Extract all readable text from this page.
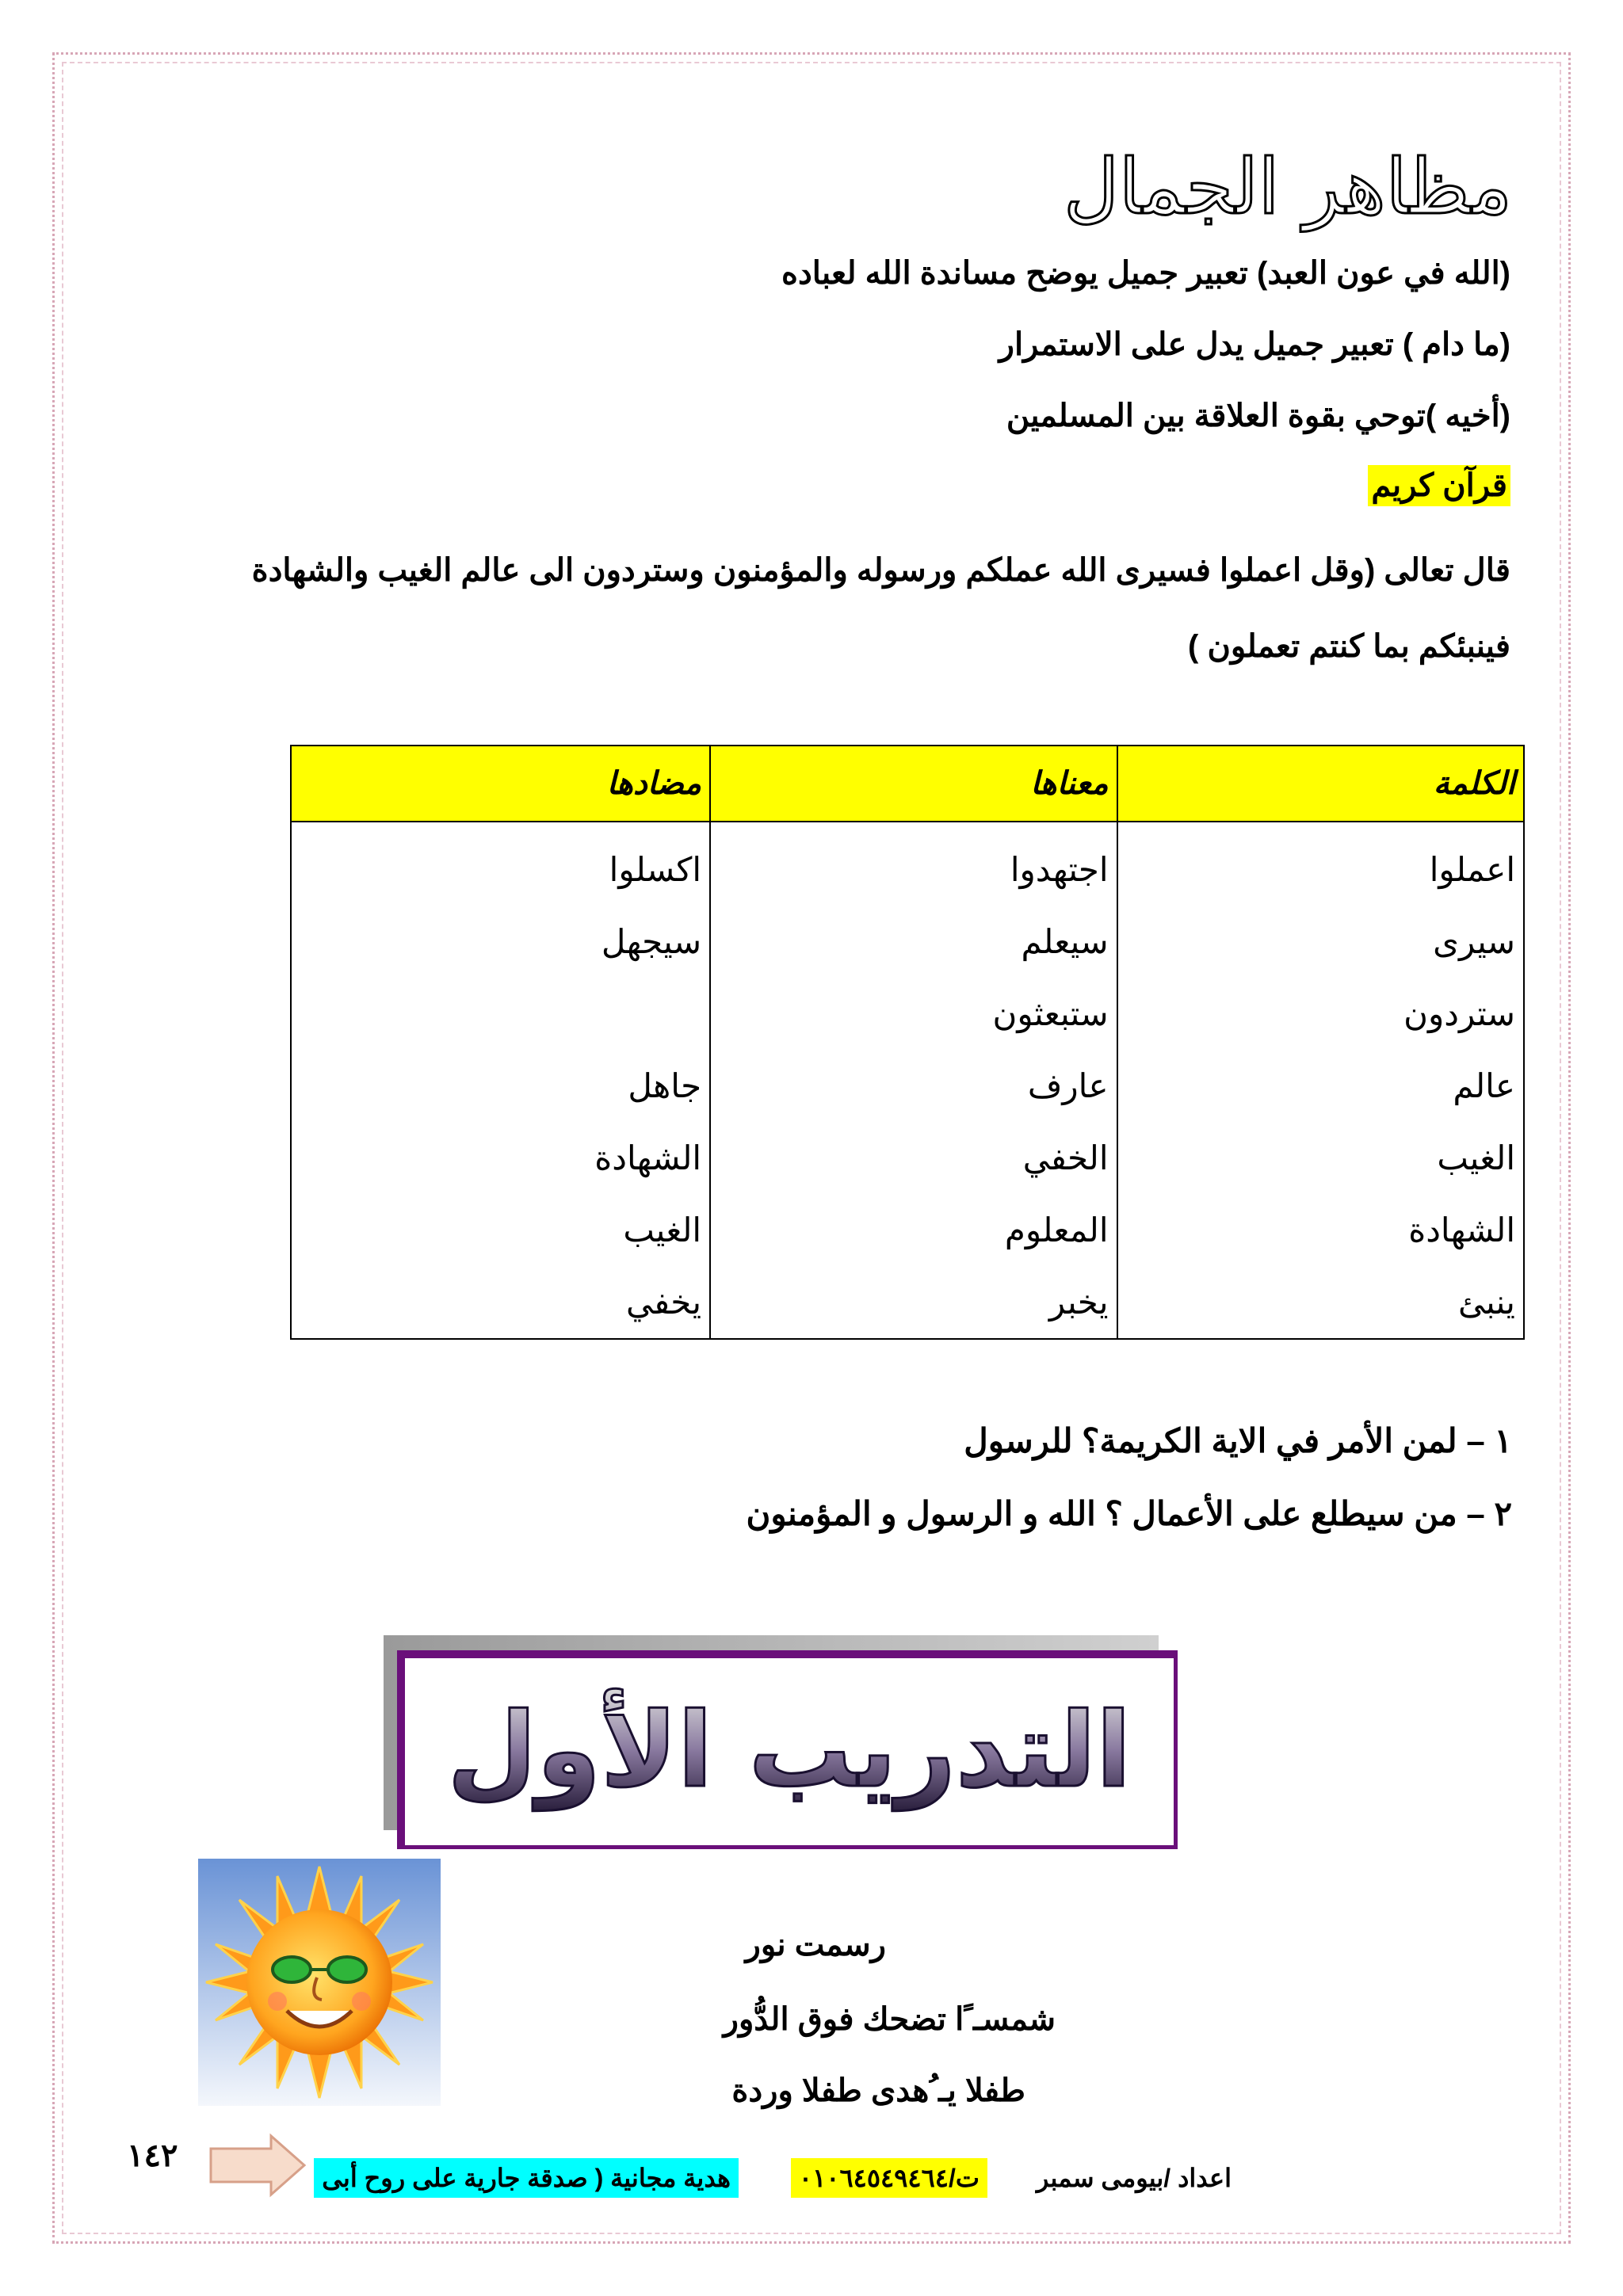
مظاهر الجمال
(الله في عون العبد) تعبير جميل يوضح مساندة الله لعباده
(ما دام ) تعبير جميل يدل على الاستمرار
(أخيه )توحي بقوة العلاقة بين المسلمين
قرآن كريم
قال تعالى (وقل اعملوا فسيرى الله عملكم ورسوله والمؤمنون وستردون الى عالم الغيب والشهادة فينبئكم بما كنتم تعملون )
الكلمة	معناها	مضادها
اعملوا	اجتهدوا	اكسلوا
سيرى	سيعلم	سيجهل
ستردون	ستبعثون	
عالم	عارف	جاهل
الغيب	الخفي	الشهادة
الشهادة	المعلوم	الغيب
ينبئ	يخبر	يخفي
١ – لمن الأمر في الاية الكريمة؟ للرسول
٢ – من سيطلع على الأعمال ؟ الله و الرسول و المؤمنون
التدريب الأول
رسمت نور
شمسـ ًا تضحك فوق الدُّور
طفلا يـ ُهدى طفلا وردة
١٤٢
اعداد /بيومى سمبر
ت/٠١٠٦٤٥٤٩٤٦٤
هدية مجانية ( صدقة جارية على روح أبى
